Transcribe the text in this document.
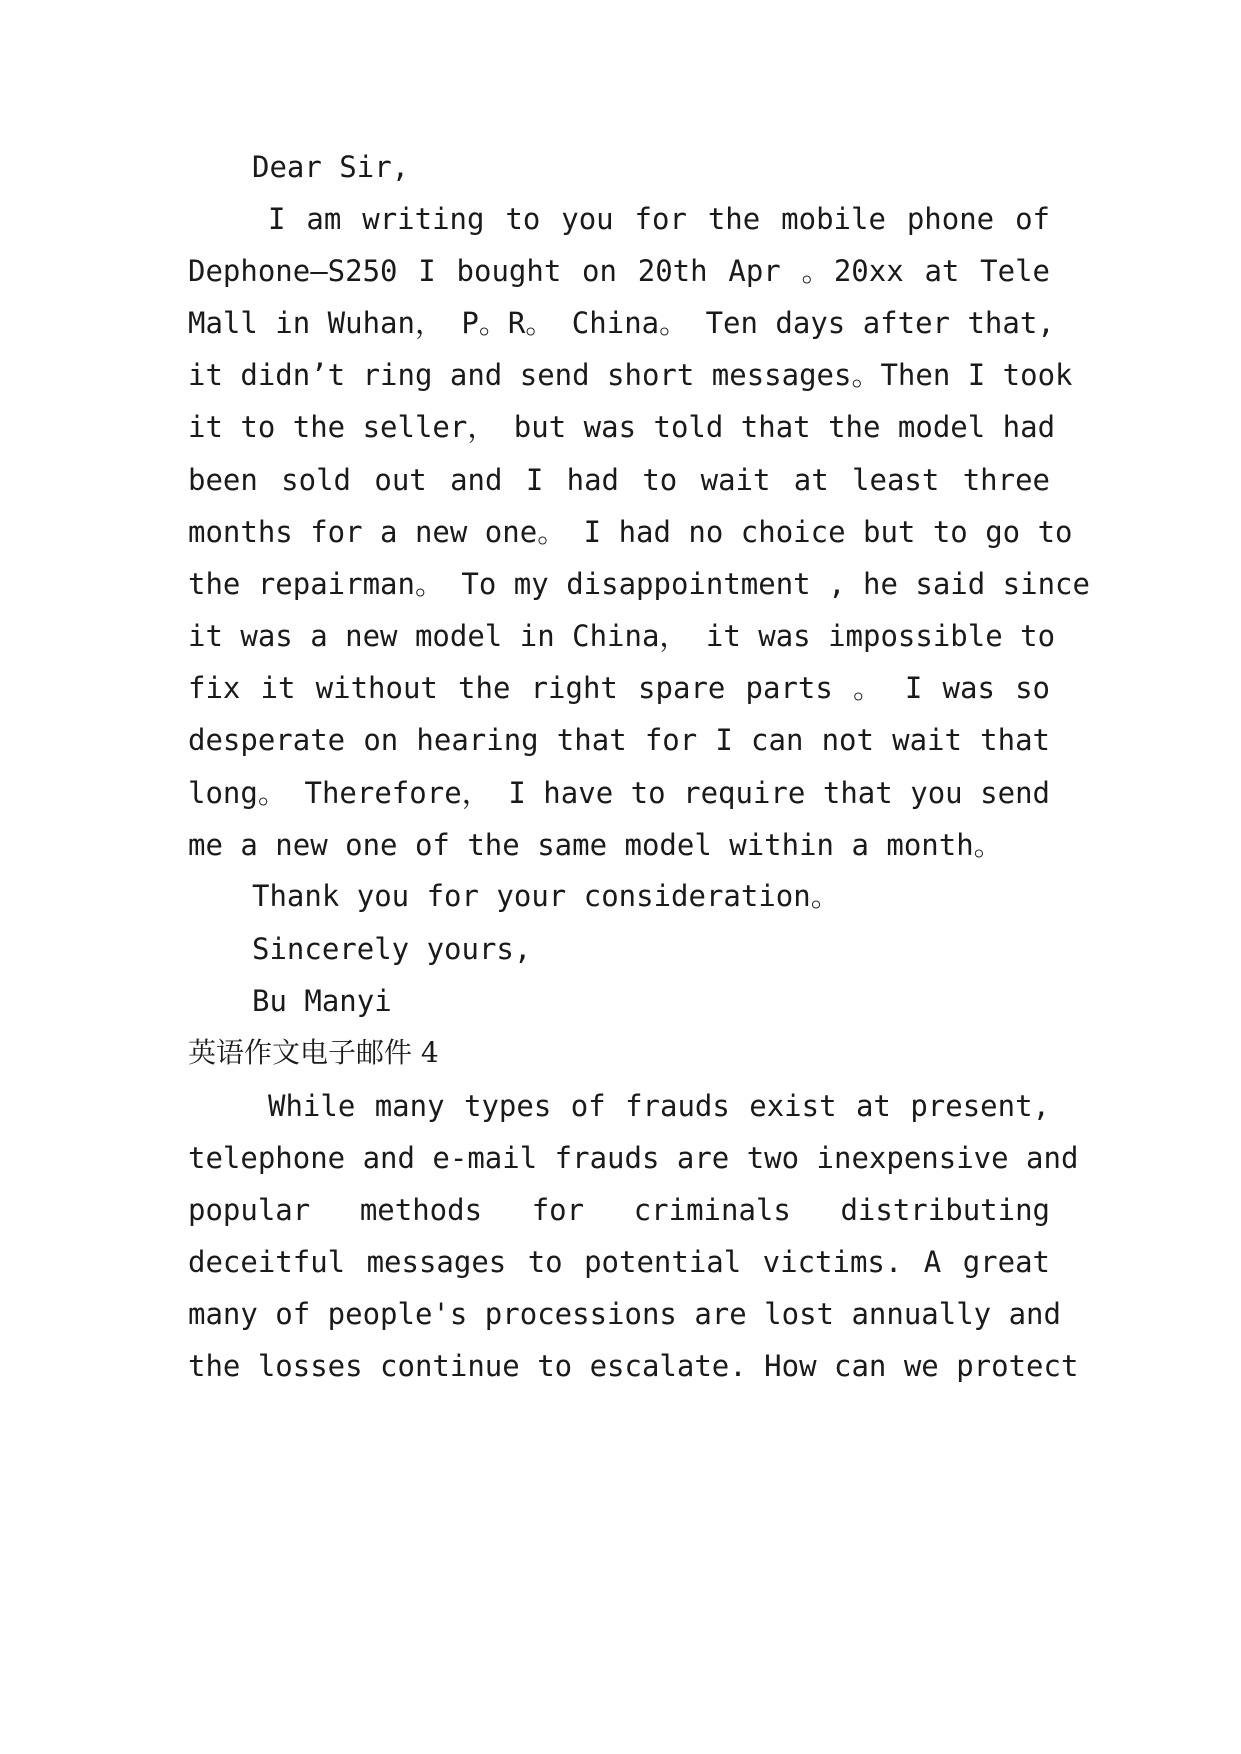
Dear Sir,
I am writing to you for the mobile phone of
Dephone—S250 I bought on 20th Apr 。20xx at Tele
Mall in Wuhan， P。R。 China。 Ten days after that,
it didn’t ring and send short messages。Then I took
it to the seller， but was told that the model had
been sold out and I had to wait at least three
months for a new one。 I had no choice but to go to
the repairman。 To my disappointment , he said since
it was a new model in China， it was impossible to
fix it without the right spare parts 。 I was so
desperate on hearing that for I can not wait that
long。 Therefore， I have to require that you send
me a new one of the same model within a month。
Thank you for your consideration。
Sincerely yours,
Bu Manyi
英语作文电子邮件 4
While many types of frauds exist at present,
telephone and e-mail frauds are two inexpensive and
popular methods for criminals distributing
deceitful messages to potential victims. A great
many of people's processions are lost annually and
the losses continue to escalate. How can we protect
